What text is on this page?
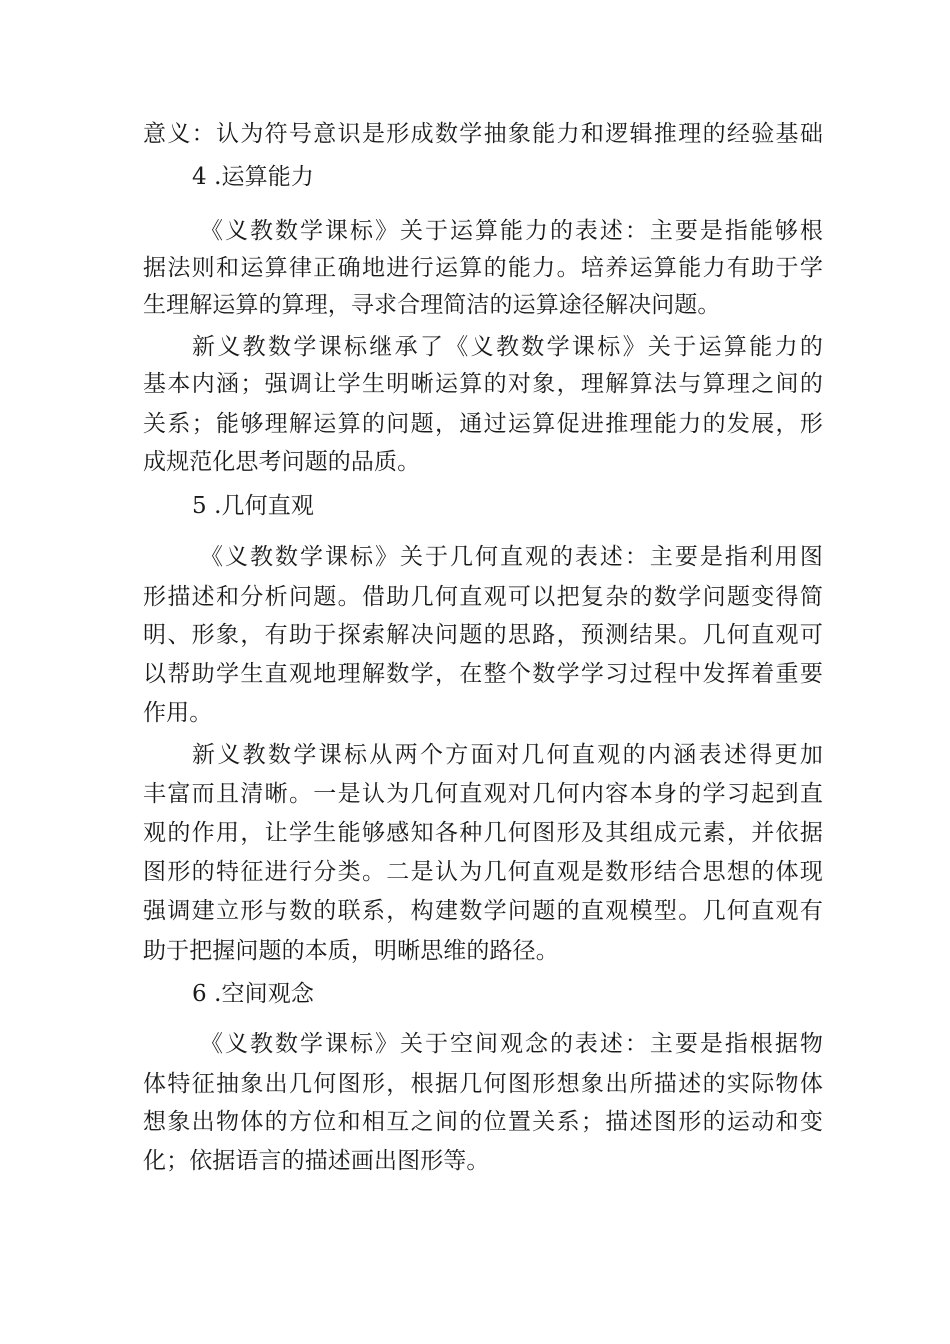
意义：认为符号意识是形成数学抽象能力和逻辑推理的经验基础
4 .运算能力
《义教数学课标》关于运算能力的表述：主要是指能够根
据法则和运算律正确地进行运算的能力。培养运算能力有助于学
生理解运算的算理，寻求合理简洁的运算途径解决问题。
新义教数学课标继承了《义教数学课标》关于运算能力的
基本内涵；强调让学生明晰运算的对象，理解算法与算理之间的
关系；能够理解运算的问题，通过运算促进推理能力的发展，形
成规范化思考问题的品质。
5 .几何直观
《义教数学课标》关于几何直观的表述：主要是指利用图
形描述和分析问题。借助几何直观可以把复杂的数学问题变得简
明、形象，有助于探索解决问题的思路，预测结果。几何直观可
以帮助学生直观地理解数学，在整个数学学习过程中发挥着重要
作用。
新义教数学课标从两个方面对几何直观的内涵表述得更加
丰富而且清晰。一是认为几何直观对几何内容本身的学习起到直
观的作用，让学生能够感知各种几何图形及其组成元素，并依据
图形的特征进行分类。二是认为几何直观是数形结合思想的体现
强调建立形与数的联系，构建数学问题的直观模型。几何直观有
助于把握问题的本质，明晰思维的路径。
6 .空间观念
《义教数学课标》关于空间观念的表述：主要是指根据物
体特征抽象出几何图形，根据几何图形想象出所描述的实际物体
想象出物体的方位和相互之间的位置关系；描述图形的运动和变
化；依据语言的描述画出图形等。
